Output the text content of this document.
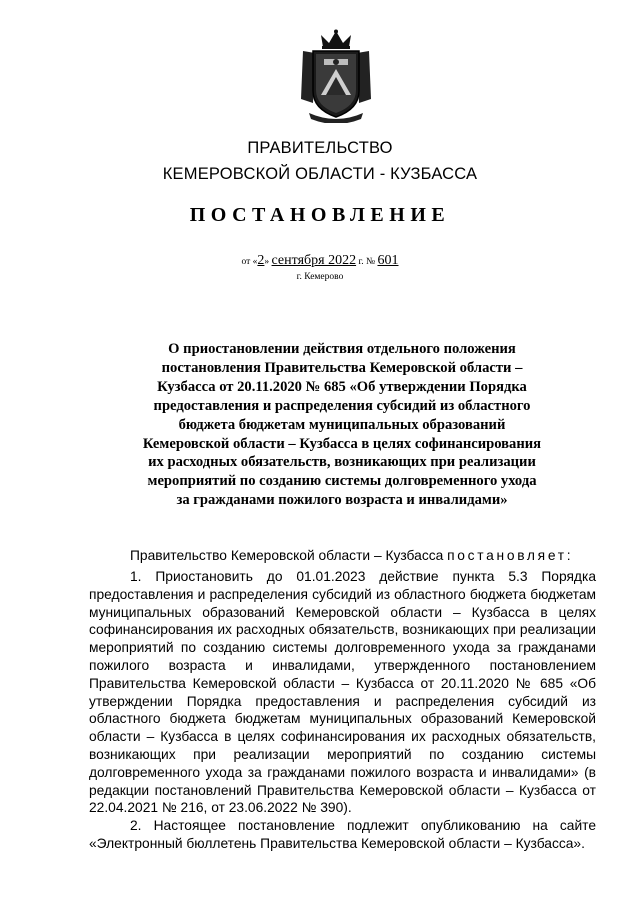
ПРАВИТЕЛЬСТВО
КЕМЕРОВСКОЙ ОБЛАСТИ - КУЗБАССА
ПОСТАНОВЛЕНИЕ
от «2» сентября 2022 г. № 601
г. Кемерово
О приостановлении действия отдельного положения постановления Правительства Кемеровской области – Кузбасса от 20.11.2020 № 685 «Об утверждении Порядка предоставления и распределения субсидий из областного бюджета бюджетам муниципальных образований Кемеровской области – Кузбасса в целях софинансирования их расходных обязательств, возникающих при реализации мероприятий по созданию системы долговременного ухода за гражданами пожилого возраста и инвалидами»
Правительство Кемеровской области – Кузбасса постановляет:

1. Приостановить до 01.01.2023 действие пункта 5.3 Порядка предоставления и распределения субсидий из областного бюджета бюджетам муниципальных образований Кемеровской области – Кузбасса в целях софинансирования их расходных обязательств, возникающих при реализации мероприятий по созданию системы долговременного ухода за гражданами пожилого возраста и инвалидами, утвержденного постановлением Правительства Кемеровской области – Кузбасса от 20.11.2020 № 685 «Об утверждении Порядка предоставления и распределения субсидий из областного бюджета бюджетам муниципальных образований Кемеровской области – Кузбасса в целях софинансирования их расходных обязательств, возникающих при реализации мероприятий по созданию системы долговременного ухода за гражданами пожилого возраста и инвалидами» (в редакции постановлений Правительства Кемеровской области – Кузбасса от 22.04.2021 № 216, от 23.06.2022 № 390).

2. Настоящее постановление подлежит опубликованию на сайте «Электронный бюллетень Правительства Кемеровской области – Кузбасса».
